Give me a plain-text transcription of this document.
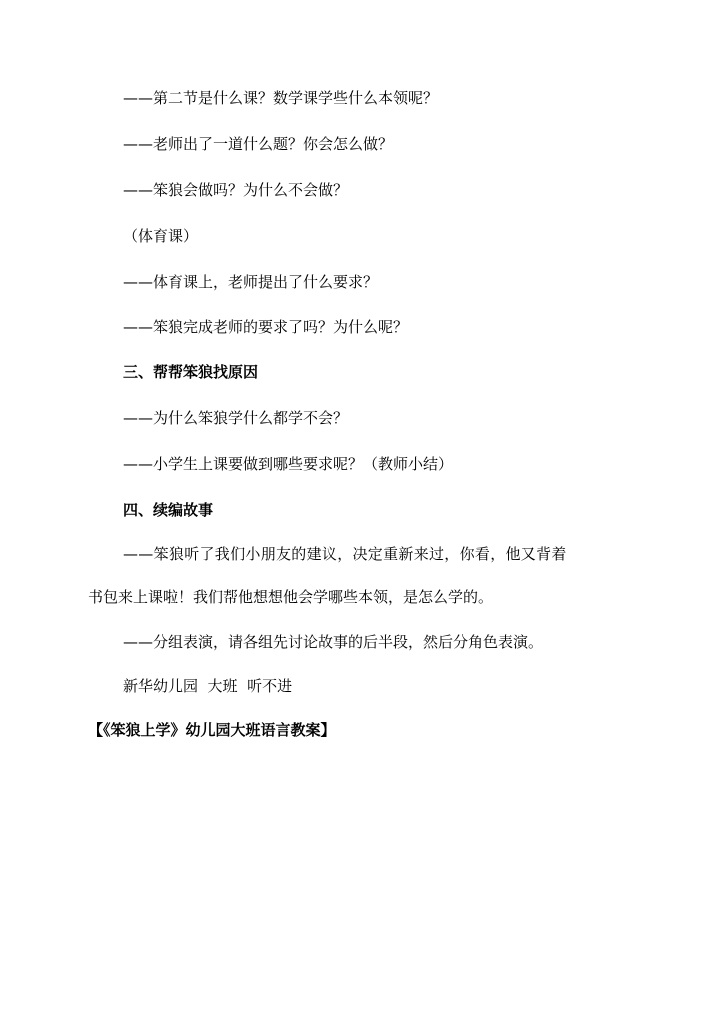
——第二节是什么课？数学课学些什么本领呢？
——老师出了一道什么题？你会怎么做？
——笨狼会做吗？为什么不会做？
（体育课）
——体育课上，老师提出了什么要求？
——笨狼完成老师的要求了吗？为什么呢？
三、帮帮笨狼找原因
——为什么笨狼学什么都学不会？
——小学生上课要做到哪些要求呢？（教师小结）
四、续编故事
——笨狼听了我们小朋友的建议，决定重新来过，你看，他又背着
书包来上课啦！我们帮他想想他会学哪些本领，是怎么学的。
——分组表演，请各组先讨论故事的后半段，然后分角色表演。
新华幼儿园  大班  听不进
【《笨狼上学》幼儿园大班语言教案】
